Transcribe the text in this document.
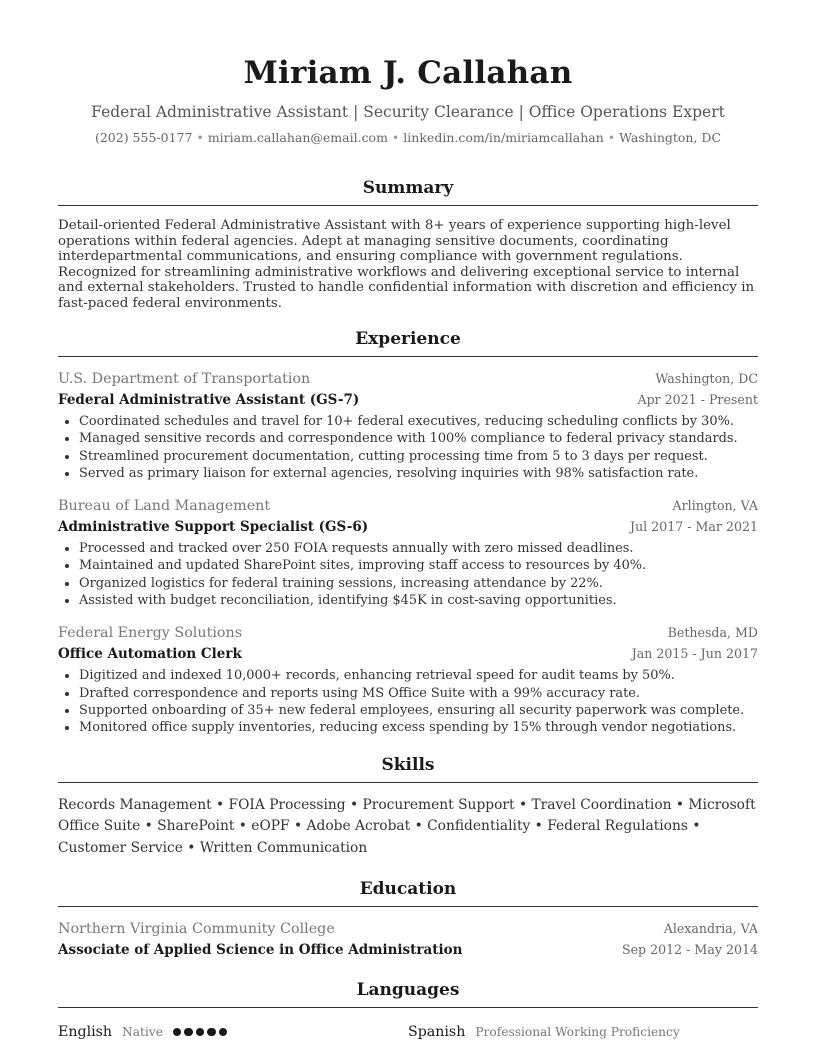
Miriam J. Callahan
Federal Administrative Assistant | Security Clearance | Office Operations Expert
(202) 555-0177 • miriam.callahan@email.com • linkedin.com/in/miriamcallahan • Washington, DC
Summary
Detail-oriented Federal Administrative Assistant with 8+ years of experience supporting high-level operations within federal agencies. Adept at managing sensitive documents, coordinating interdepartmental communications, and ensuring compliance with government regulations. Recognized for streamlining administrative workflows and delivering exceptional service to internal and external stakeholders. Trusted to handle confidential information with discretion and efficiency in fast-paced federal environments.
Experience
U.S. Department of Transportation	Washington, DC
Federal Administrative Assistant (GS-7)	Apr 2021 - Present
• Coordinated schedules and travel for 10+ federal executives, reducing scheduling conflicts by 30%.
• Managed sensitive records and correspondence with 100% compliance to federal privacy standards.
• Streamlined procurement documentation, cutting processing time from 5 to 3 days per request.
• Served as primary liaison for external agencies, resolving inquiries with 98% satisfaction rate.
Bureau of Land Management	Arlington, VA
Administrative Support Specialist (GS-6)	Jul 2017 - Mar 2021
• Processed and tracked over 250 FOIA requests annually with zero missed deadlines.
• Maintained and updated SharePoint sites, improving staff access to resources by 40%.
• Organized logistics for federal training sessions, increasing attendance by 22%.
• Assisted with budget reconciliation, identifying $45K in cost-saving opportunities.
Federal Energy Solutions	Bethesda, MD
Office Automation Clerk	Jan 2015 - Jun 2017
• Digitized and indexed 10,000+ records, enhancing retrieval speed for audit teams by 50%.
• Drafted correspondence and reports using MS Office Suite with a 99% accuracy rate.
• Supported onboarding of 35+ new federal employees, ensuring all security paperwork was complete.
• Monitored office supply inventories, reducing excess spending by 15% through vendor negotiations.
Skills
Records Management • FOIA Processing • Procurement Support • Travel Coordination • Microsoft Office Suite • SharePoint • eOPF • Adobe Acrobat • Confidentiality • Federal Regulations • Customer Service • Written Communication
Education
Northern Virginia Community College	Alexandria, VA
Associate of Applied Science in Office Administration	Sep 2012 - May 2014
Languages
English Native	Spanish Professional Working Proficiency
